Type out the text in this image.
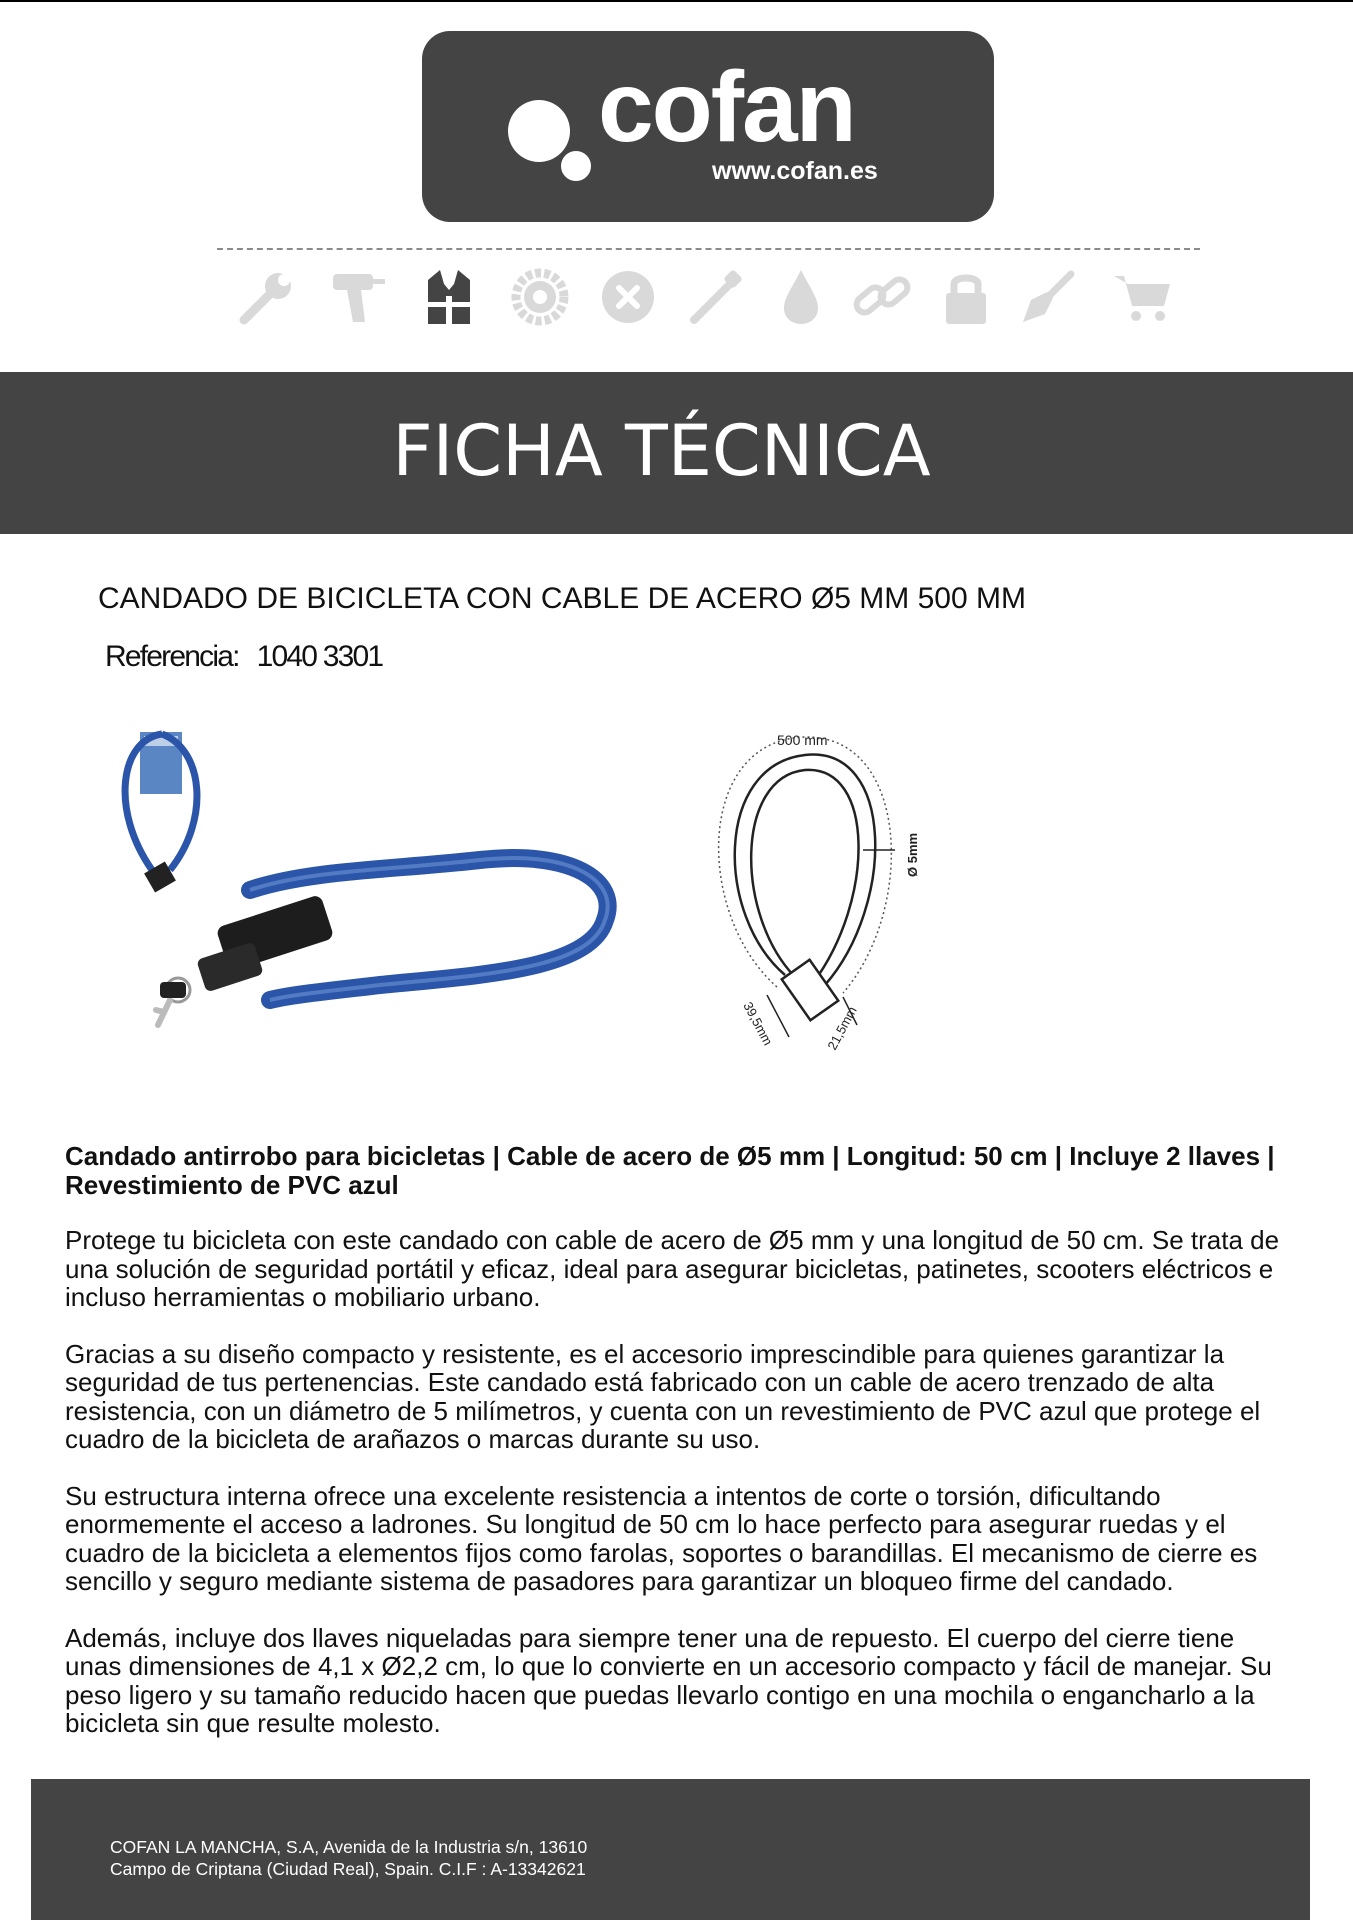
cofan

www.cofan.es
FICHA TÉCNICA
CANDADO DE BICICLETA CON CABLE DE ACERO Ø5 MM 500 MM
Referencia: 1040 3301
500 mm
Ø 5mm
39,5mm	21,5mm

Candado antirrobo para bicicletas | Cable de acero de Ø5 mm | Longitud: 50 cm | Incluye 2 llaves | Revestimiento de PVC azul

Protege tu bicicleta con este candado con cable de acero de Ø5 mm y una longitud de 50 cm. Se trata de una solución de seguridad portátil y eficaz, ideal para asegurar bicicletas, patinetes, scooters eléctricos e incluso herramientas o mobiliario urbano.

Gracias a su diseño compacto y resistente, es el accesorio imprescindible para quienes garantizar la seguridad de tus pertenencias. Este candado está fabricado con un cable de acero trenzado de alta resistencia, con un diámetro de 5 milímetros, y cuenta con un revestimiento de PVC azul que protege el cuadro de la bicicleta de arañazos o marcas durante su uso.

Su estructura interna ofrece una excelente resistencia a intentos de corte o torsión, dificultando enormemente el acceso a ladrones. Su longitud de 50 cm lo hace perfecto para asegurar ruedas y el cuadro de la bicicleta a elementos fijos como farolas, soportes o barandillas. El mecanismo de cierre es sencillo y seguro mediante sistema de pasadores para garantizar un bloqueo firme del candado.

Además, incluye dos llaves niqueladas para siempre tener una de repuesto. El cuerpo del cierre tiene unas dimensiones de 4,1 x Ø2,2 cm, lo que lo convierte en un accesorio compacto y fácil de manejar. Su peso ligero y su tamaño reducido hacen que puedas llevarlo contigo en una mochila o engancharlo a la bicicleta sin que resulte molesto.

COFAN LA MANCHA, S.A, Avenida de la Industria s/n, 13610
Campo de Criptana (Ciudad Real), Spain. C.I.F : A-13342621
